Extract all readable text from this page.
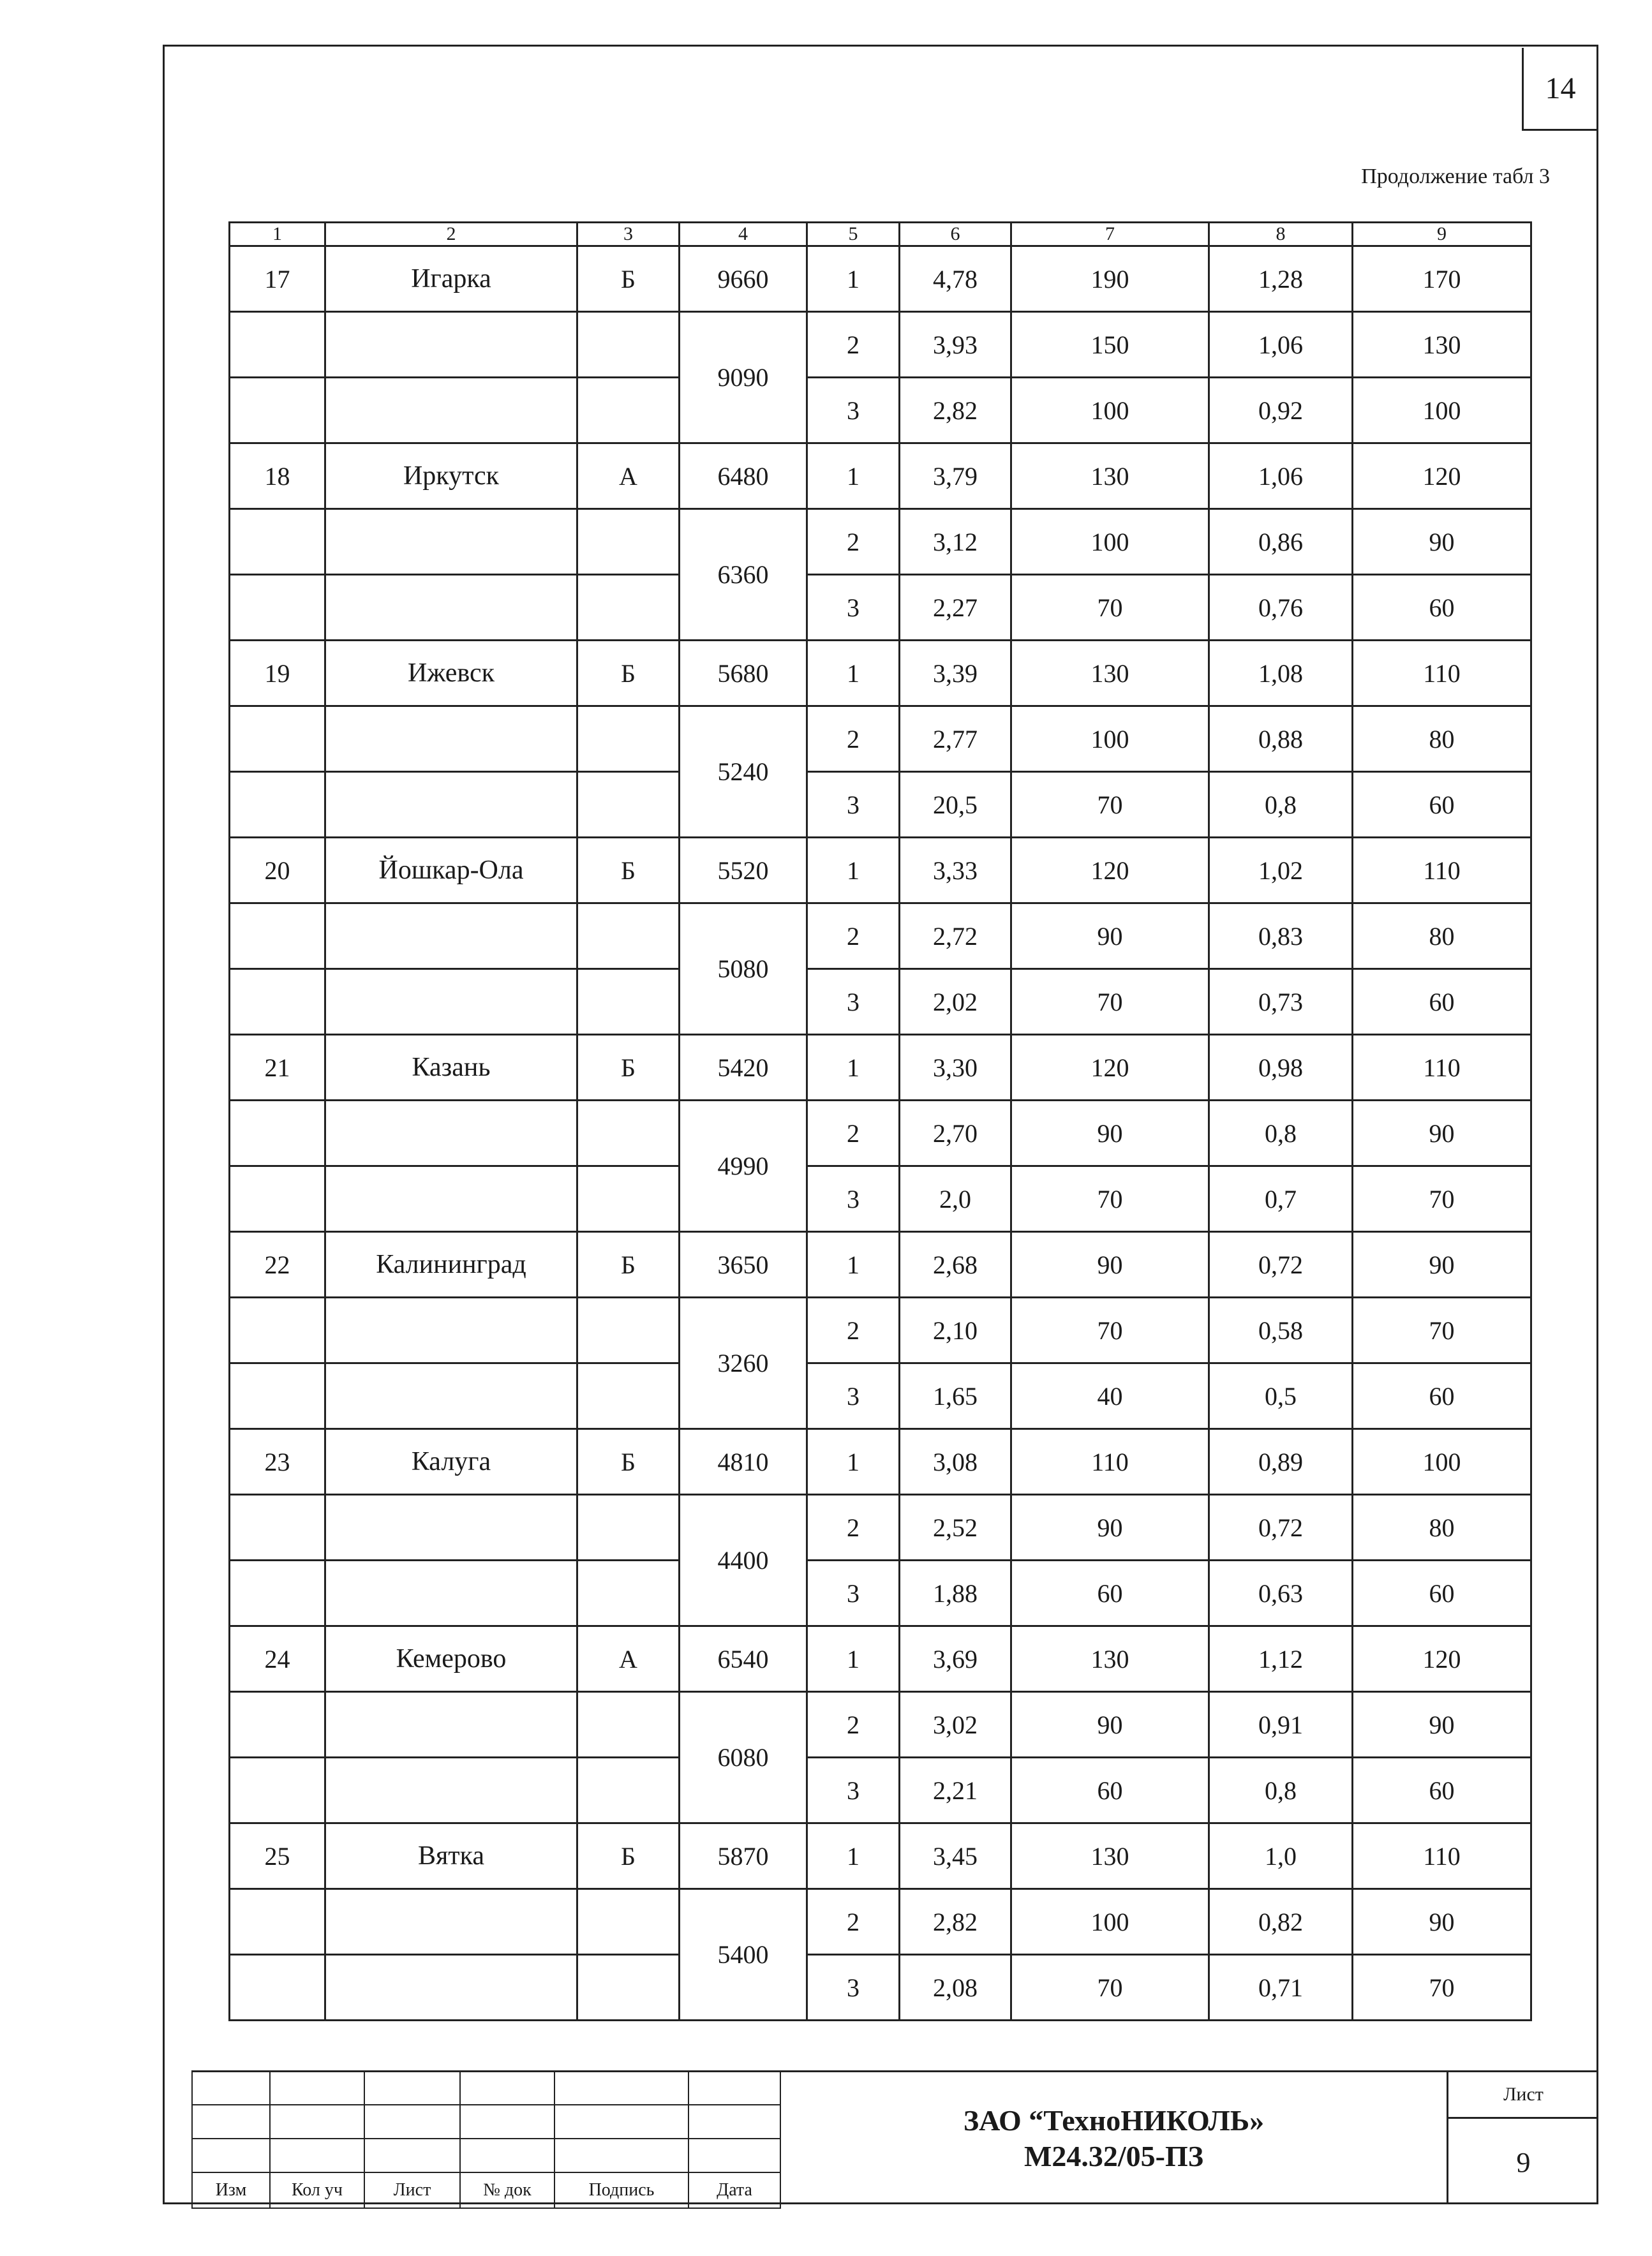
14
Продолжение табл 3
1	2	3	4	5	6	7	8	9
17	Игарка	Б	9660	1	4,78	190	1,28	170
			9090	2	3,93	150	1,06	130
				3	2,82	100	0,92	100
18	Иркутск	А	6480	1	3,79	130	1,06	120
			6360	2	3,12	100	0,86	90
				3	2,27	70	0,76	60
19	Ижевск	Б	5680	1	3,39	130	1,08	110
			5240	2	2,77	100	0,88	80
				3	20,5	70	0,8	60
20	Йошкар-Ола	Б	5520	1	3,33	120	1,02	110
			5080	2	2,72	90	0,83	80
				3	2,02	70	0,73	60
21	Казань	Б	5420	1	3,30	120	0,98	110
			4990	2	2,70	90	0,8	90
				3	2,0	70	0,7	70
22	Калининград	Б	3650	1	2,68	90	0,72	90
			3260	2	2,10	70	0,58	70
				3	1,65	40	0,5	60
23	Калуга	Б	4810	1	3,08	110	0,89	100
			4400	2	2,52	90	0,72	80
				3	1,88	60	0,63	60
24	Кемерово	А	6540	1	3,69	130	1,12	120
			6080	2	3,02	90	0,91	90
				3	2,21	60	0,8	60
25	Вятка	Б	5870	1	3,45	130	1,0	110
			5400	2	2,82	100	0,82	90
				3	2,08	70	0,71	70

Изм	Кол уч	Лист	№ док	Подпись	Дата
ЗАО “ТехноНИКОЛЬ»
М24.32/05-ПЗ
Лист
9
